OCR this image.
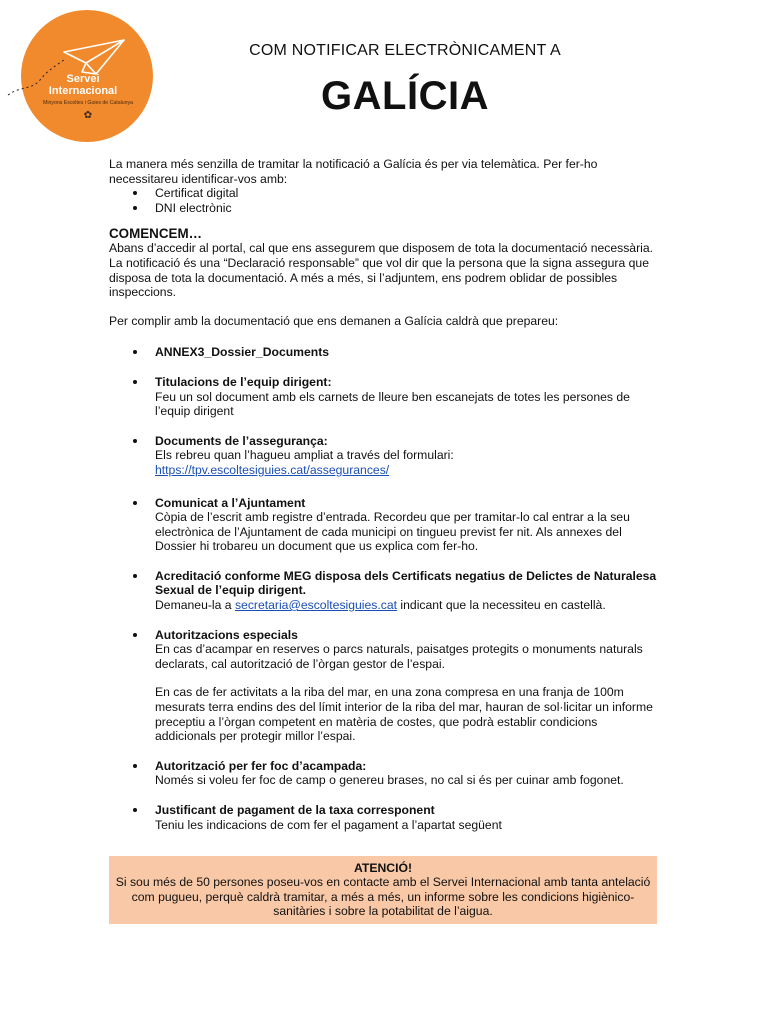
Servei
Internacional
Minyons Escoltes i Guies de Catalunya
✿
COM NOTIFICAR ELECTRÒNICAMENT A
GALÍCIA

La manera més senzilla de tramitar la notificació a Galícia és per via telemàtica. Per fer-ho necessitareu identificar-vos amb:

Certificat digital
DNI electrònic
COMENCEM…

Abans d’accedir al portal, cal que ens assegurem que disposem de tota la documentació necessària. La notificació és una “Declaració responsable” que vol dir que la persona que la signa assegura que disposa de tota la documentació. A més a més, si l’adjuntem, ens podrem oblidar de possibles inspeccions.

Per complir amb la documentació que ens demanen a Galícia caldrà que prepareu:

ANNEX3_Dossier_Documents
Titulacions de l’equip dirigent:
Feu un sol document amb els carnets de lleure ben escanejats de totes les persones de l’equip dirigent
Documents de l’assegurança:
Els rebreu quan l’hagueu ampliat a través del formulari:
https://tpv.escoltesiguies.cat/assegurances/
Comunicat a l’Ajuntament
Còpia de l’escrit amb registre d’entrada. Recordeu que per tramitar-lo cal entrar a la seu electrònica de l’Ajuntament de cada municipi on tingueu previst fer nit. Als annexes del Dossier hi trobareu un document que us explica com fer-ho.
Acreditació conforme MEG disposa dels Certificats negatius de Delictes de Naturalesa Sexual de l’equip dirigent.
Demaneu-la a secretaria@escoltesiguies.cat indicant que la necessiteu en castellà.
Autoritzacions especials
En cas d’acampar en reserves o parcs naturals, paisatges protegits o monuments naturals declarats, cal autorització de l’òrgan gestor de l’espai.
En cas de fer activitats a la riba del mar, en una zona compresa en una franja de 100m mesurats terra endins des del límit interior de la riba del mar, hauran de sol·licitar un informe preceptiu a l’òrgan competent en matèria de costes, que podrà establir condicions addicionals per protegir millor l’espai.
Autorització per fer foc d’acampada:
Només si voleu fer foc de camp o genereu brases, no cal si és per cuinar amb fogonet.
Justificant de pagament de la taxa corresponent
Teniu les indicacions de com fer el pagament a l’apartat següent
ATENCIÓ!
Si sou més de 50 persones poseu-vos en contacte amb el Servei Internacional amb tanta antelació com pugueu, perquè caldrà tramitar, a més a més, un informe sobre les condicions higiènico-sanitàries i sobre la potabilitat de l’aigua.
